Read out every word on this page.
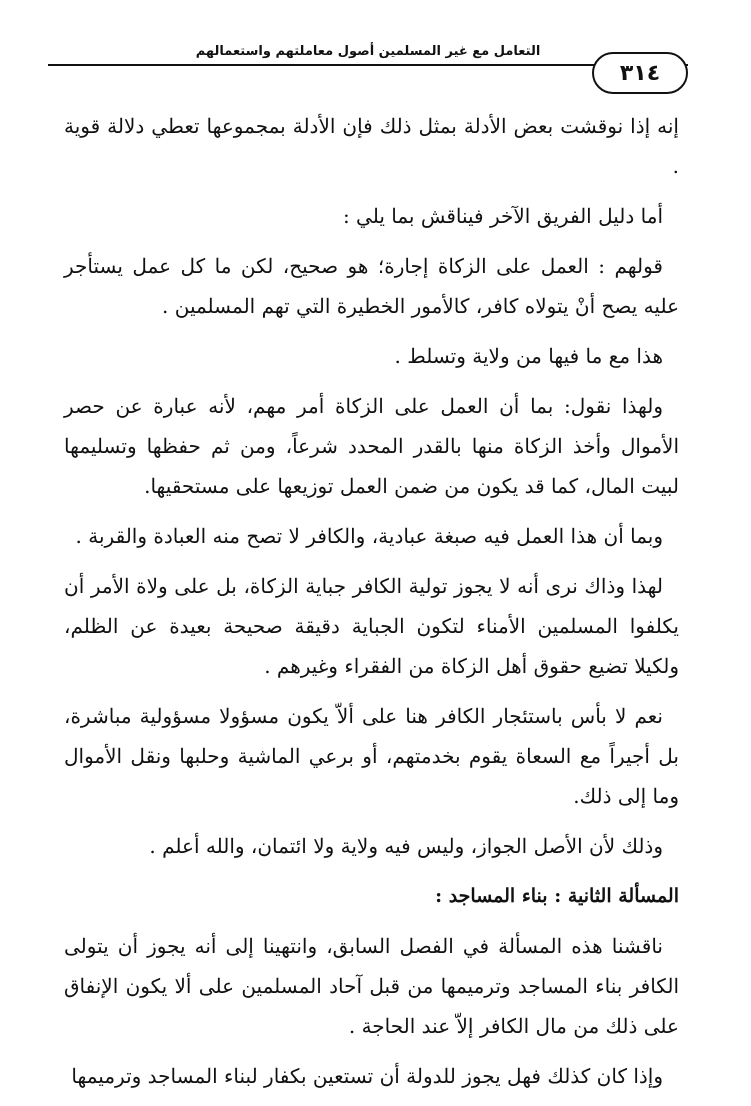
التعامل مع غير المسلمين أصول معاملتهم واستعمالهم
٣١٤

إنه إذا نوقشت بعض الأدلة بمثل ذلك فإن الأدلة بمجموعها تعطي دلالة قوية .

أما دليل الفريق الآخر فيناقش بما يلي :

قولهم : العمل على الزكاة إجارة؛ هو صحيح، لكن ما كل عمل يستأجر عليه يصح أنْ يتولاه كافر، كالأمور الخطيرة التي تهم المسلمين .

هذا مع ما فيها من ولاية وتسلط .

ولهذا نقول: بما أن العمل على الزكاة أمر مهم، لأنه عبارة عن حصر الأموال وأخذ الزكاة منها بالقدر المحدد شرعاً، ومن ثم حفظها وتسليمها لبيت المال، كما قد يكون من ضمن العمل توزيعها على مستحقيها.

وبما أن هذا العمل فيه صبغة عبادية، والكافر لا تصح منه العبادة والقربة .

لهذا وذاك نرى أنه لا يجوز تولية الكافر جباية الزكاة، بل على ولاة الأمر أن يكلفوا المسلمين الأمناء لتكون الجباية دقيقة صحيحة بعيدة عن الظلم، ولكيلا تضيع حقوق أهل الزكاة من الفقراء وغيرهم .

نعم لا بأس باستئجار الكافر هنا على ألاّ يكون مسؤولا مسؤولية مباشرة، بل أجيراً مع السعاة يقوم بخدمتهم، أو برعي الماشية وحلبها ونقل الأموال وما إلى ذلك.

وذلك لأن الأصل الجواز، وليس فيه ولاية ولا ائتمان، والله أعلم .

المسألة الثانية : بناء المساجد :

ناقشنا هذه المسألة في الفصل السابق، وانتهينا إلى أنه يجوز أن يتولى الكافر بناء المساجد وترميمها من قبل آحاد المسلمين على ألا يكون الإنفاق على ذلك من مال الكافر إلاّ عند الحاجة .

وإذا كان كذلك فهل يجوز للدولة أن تستعين بكفار لبناء المساجد وترميمها
